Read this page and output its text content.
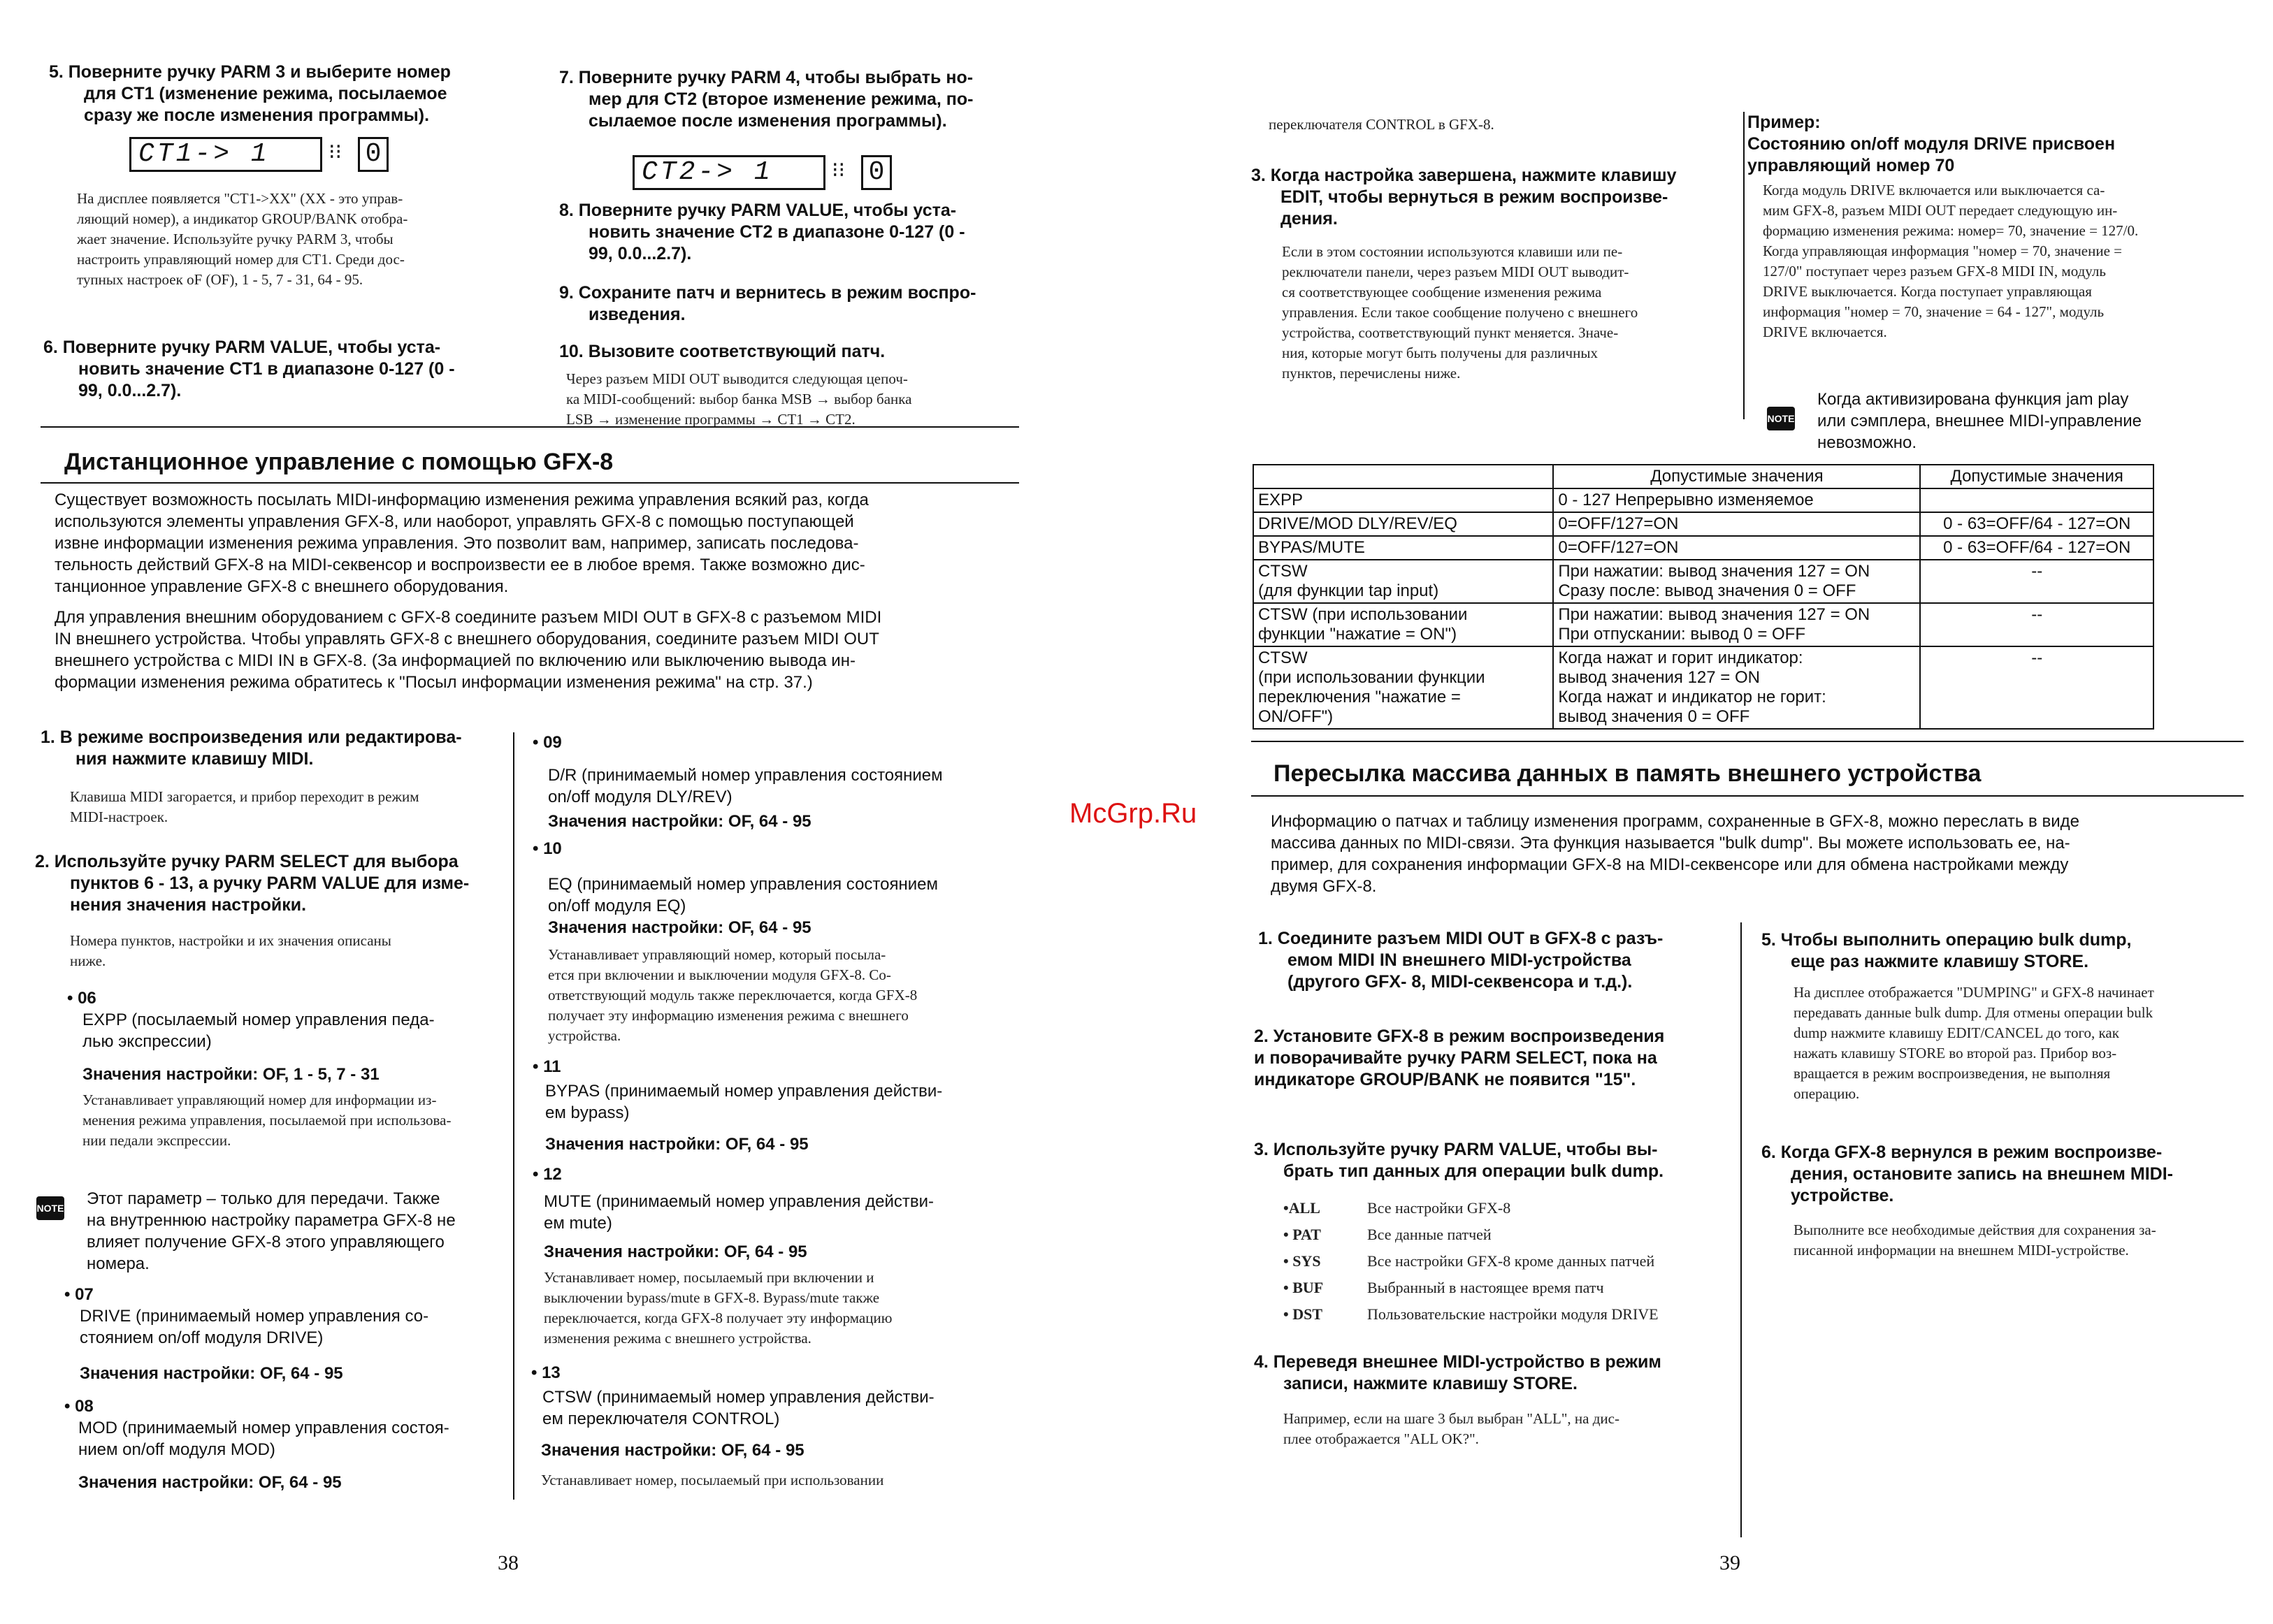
5. Поверните ручку PARM 3 и выберите номер
для CT1 (изменение режима, посылаемое
сразу же после изменения программы).
CT1-> 1	⁝⁝ 0
На дисплее появляется "CT1->XX" (XX - это управ-
ляющий номер), а индикатор GROUP/BANK отобра-
жает значение. Используйте ручку PARM 3, чтобы
настроить управляющий номер для CT1. Среди дос-
тупных настроек oF (OF), 1 - 5, 7 - 31, 64 - 95.
6. Поверните ручку PARM VALUE, чтобы уста-
новить значение CT1 в диапазоне 0-127 (0 -
99, 0.0...2.7).
7. Поверните ручку PARM 4, чтобы выбрать но-
мер для CT2 (второе изменение режима, по-
сылаемое после изменения программы).
CT2-> 1	⁝⁝ 0
8. Поверните ручку PARM VALUE, чтобы уста-
новить значение CT2 в диапазоне 0-127 (0 -
99, 0.0...2.7).
9. Сохраните патч и вернитесь в режим воспро-
изведения.
10. Вызовите соответствующий патч.
Через разъем MIDI OUT выводится следующая цепоч-
ка MIDI-сообщений: выбор банка MSB → выбор банка
LSB → изменение программы → CT1 → CT2.
Дистанционное управление с помощью GFX-8
Существует возможность посылать MIDI-информацию изменения режима управления всякий раз, когда
используются элементы управления GFX-8, или наоборот, управлять GFX-8 с помощью поступающей
извне информации изменения режима управления. Это позволит вам, например, записать последова-
тельность действий GFX-8 на MIDI-секвенсор и воспроизвести ее в любое время. Также возможно дис-
танционное управление GFX-8 с внешнего оборудования.
Для управления внешним оборудованием с GFX-8 соедините разъем MIDI OUT в GFX-8 с разъемом MIDI
IN внешнего устройства. Чтобы управлять GFX-8 с внешнего оборудования, соедините разъем MIDI OUT
внешнего устройства с MIDI IN в GFX-8. (За информацией по включению или выключению вывода ин-
формации изменения режима обратитесь к "Посыл информации изменения режима" на стр. 37.)
1. В режиме воспроизведения или редактирова-
ния нажмите клавишу MIDI.
Клавиша MIDI загорается, и прибор переходит в режим
MIDI-настроек.
2. Используйте ручку PARM SELECT для выбора
пунктов 6 - 13, а ручку PARM VALUE для изме-
нения значения настройки.
Номера пунктов, настройки и их значения описаны
ниже.
• 06
EXPP (посылаемый номер управления педа-
лью экспрессии)
Значения настройки: OF, 1 - 5, 7 - 31
Устанавливает управляющий номер для информации из-
менения режима управления, посылаемой при использова-
нии педали экспрессии.
NOTE Этот параметр – только для передачи. Также
на внутреннюю настройку параметра GFX-8 не
влияет получение GFX-8 этого управляющего
номера.
• 07
DRIVE (принимаемый номер управления со-
стоянием on/off модуля DRIVE)
Значения настройки: OF, 64 - 95
• 08
MOD (принимаемый номер управления состоя-
нием on/off модуля MOD)
Значения настройки: OF, 64 - 95
• 09
D/R (принимаемый номер управления состоянием
on/off модуля DLY/REV)
Значения настройки: OF, 64 - 95
• 10
EQ (принимаемый номер управления состоянием
on/off модуля EQ)
Значения настройки: OF, 64 - 95
Устанавливает управляющий номер, который посыла-
ется при включении и выключении модуля GFX-8. Со-
ответствующий модуль также переключается, когда GFX-8
получает эту информацию изменения режима с внешнего
устройства.
• 11
BYPAS (принимаемый номер управления действи-
ем bypass)
Значения настройки: OF, 64 - 95
• 12
MUTE (принимаемый номер управления действи-
ем mute)
Значения настройки: OF, 64 - 95
Устанавливает номер, посылаемый при включении и
выключении bypass/mute в GFX-8. Bypass/mute также
переключается, когда GFX-8 получает эту информацию
изменения режима с внешнего устройства.
• 13
CTSW (принимаемый номер управления действи-
ем переключателя CONTROL)
Значения настройки: OF, 64 - 95
Устанавливает номер, посылаемый при использовании
38
переключателя CONTROL в GFX-8.
3. Когда настройка завершена, нажмите клавишу
EDIT, чтобы вернуться в режим воспроизве-
дения.
Если в этом состоянии используются клавиши или пе-
реключатели панели, через разъем MIDI OUT выводит-
ся соответствующее сообщение изменения режима
управления. Если такое сообщение получено с внешнего
устройства, соответствующий пункт меняется. Значе-
ния, которые могут быть получены для различных
пунктов, перечислены ниже.
Пример:
Состоянию on/off модуля DRIVE присвоен
управляющий номер 70
Когда модуль DRIVE включается или выключается са-
мим GFX-8, разъем MIDI OUT передает следующую ин-
формацию изменения режима: номер= 70, значение = 127/0.
Когда управляющая информация "номер = 70, значение =
127/0" поступает через разъем GFX-8 MIDI IN, модуль
DRIVE выключается. Когда поступает управляющая
информация "номер = 70, значение = 64 - 127", модуль
DRIVE включается.
NOTE
Когда активизирована функция jam play
или сэмплера, внешнее MIDI-управление
невозможно.
	Допустимые значения	Допустимые значения
EXPP	0 - 127 Непрерывно изменяемое	
DRIVE/MOD DLY/REV/EQ	0=OFF/127=ON	0 - 63=OFF/64 - 127=ON
BYPAS/MUTE	0=OFF/127=ON	0 - 63=OFF/64 - 127=ON
CTSW
(для функции tap input)	При нажатии: вывод значения 127 = ON
Сразу после: вывод значения 0 = OFF	--
CTSW (при использовании
функции "нажатие = ON")	При нажатии: вывод значения 127 = ON
При отпускании: вывод 0 = OFF	--
CTSW
(при использовании функции
переключения "нажатие =
ON/OFF")	Когда нажат и горит индикатор:
вывод значения 127 = ON
Когда нажат и индикатор не горит:
вывод значения 0 = OFF	--
Пересылка массива данных в память внешнего устройства
McGrp.Ru	Информацию о патчах и таблицу изменения программ, сохраненные в GFX-8, можно переслать в виде
массива данных по MIDI-связи. Эта функция называется "bulk dump". Вы можете использовать ее, на-
пример, для сохранения информации GFX-8 на MIDI-секвенсоре или для обмена настройками между
двумя GFX-8.
1. Соедините разъем MIDI OUT в GFX-8 с разъ-
емом MIDI IN внешнего MIDI-устройства
(другого GFX- 8, MIDI-секвенсора и т.д.).
2. Установите GFX-8 в режим воспроизведения
и поворачивайте ручку PARM SELECT, пока на
индикаторе GROUP/BANK не появится "15".
3. Используйте ручку PARM VALUE, чтобы вы-
брать тип данных для операции bulk dump.
•ALL	Все настройки GFX-8
• PAT	Все данные патчей
• SYS	Все настройки GFX-8 кроме данных патчей
• BUF	Выбранный в настоящее время патч
• DST	Пользовательские настройки модуля DRIVE
4. Переведя внешнее MIDI-устройство в режим
записи, нажмите клавишу STORE.
Например, если на шаге 3 был выбран "ALL", на дис-
плее отображается "ALL OK?".
5. Чтобы выполнить операцию bulk dump,
еще раз нажмите клавишу STORE.
На дисплее отображается "DUMPING" и GFX-8 начинает
передавать данные bulk dump. Для отмены операции bulk
dump нажмите клавишу EDIT/CANCEL до того, как
нажать клавишу STORE во второй раз. Прибор воз-
вращается в режим воспроизведения, не выполняя
операцию.
6. Когда GFX-8 вернулся в режим воспроизве-
дения, остановите запись на внешнем MIDI-
устройстве.
Выполните все необходимые действия для сохранения за-
писанной информации на внешнем MIDI-устройстве.
39
